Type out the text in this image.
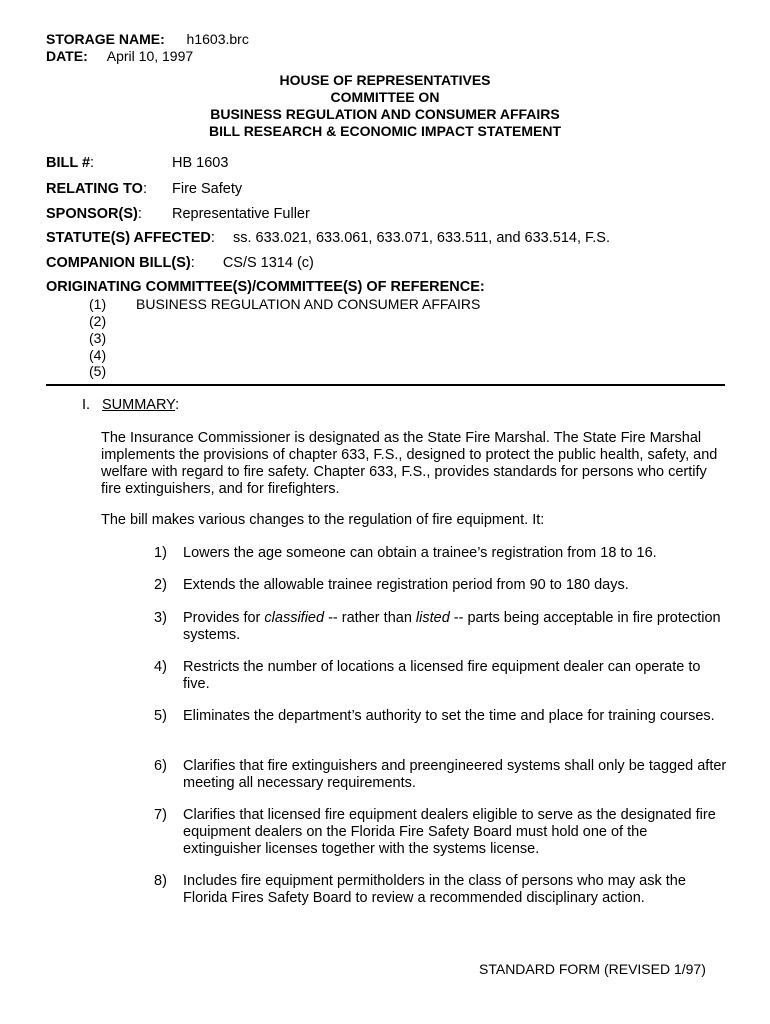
STORAGE NAME: h1603.brc
DATE: April 10, 1997
HOUSE OF REPRESENTATIVES
COMMITTEE ON
BUSINESS REGULATION AND CONSUMER AFFAIRS
BILL RESEARCH & ECONOMIC IMPACT STATEMENT
BILL #:	HB 1603
RELATING TO: Fire Safety
SPONSOR(S): Representative Fuller
STATUTE(S) AFFECTED: ss. 633.021, 633.061, 633.071, 633.511, and 633.514, F.S.
COMPANION BILL(S): CS/S 1314 (c)
ORIGINATING COMMITTEE(S)/COMMITTEE(S) OF REFERENCE:
(1) BUSINESS REGULATION AND CONSUMER AFFAIRS
(2)
(3)
(4)
(5)
I. SUMMARY:
The Insurance Commissioner is designated as the State Fire Marshal. The State Fire Marshal implements the provisions of chapter 633, F.S., designed to protect the public health, safety, and welfare with regard to fire safety. Chapter 633, F.S., provides standards for persons who certify fire extinguishers, and for firefighters.
The bill makes various changes to the regulation of fire equipment. It:
1) Lowers the age someone can obtain a trainee’s registration from 18 to 16.
2) Extends the allowable trainee registration period from 90 to 180 days.
3) Provides for classified -- rather than listed -- parts being acceptable in fire protection systems.
4) Restricts the number of locations a licensed fire equipment dealer can operate to five.
5) Eliminates the department’s authority to set the time and place for training courses.
6) Clarifies that fire extinguishers and preengineered systems shall only be tagged after meeting all necessary requirements.
7) Clarifies that licensed fire equipment dealers eligible to serve as the designated fire equipment dealers on the Florida Fire Safety Board must hold one of the extinguisher licenses together with the systems license.
8) Includes fire equipment permitholders in the class of persons who may ask the Florida Fires Safety Board to review a recommended disciplinary action.
STANDARD FORM (REVISED 1/97)
